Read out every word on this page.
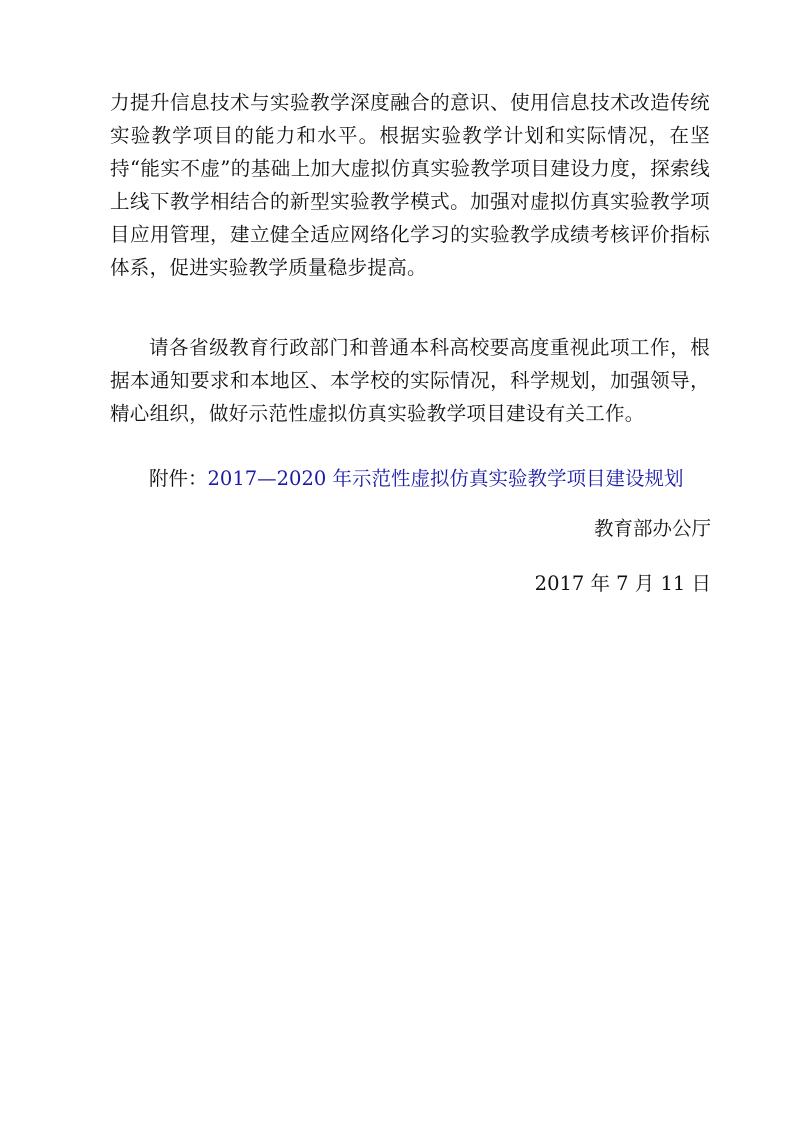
力提升信息技术与实验教学深度融合的意识、使用信息技术改造传统实验教学项目的能力和水平。根据实验教学计划和实际情况，在坚持“能实不虚”的基础上加大虚拟仿真实验教学项目建设力度，探索线上线下教学相结合的新型实验教学模式。加强对虚拟仿真实验教学项目应用管理，建立健全适应网络化学习的实验教学成绩考核评价指标体系，促进实验教学质量稳步提高。

请各省级教育行政部门和普通本科高校要高度重视此项工作，根据本通知要求和本地区、本学校的实际情况，科学规划，加强领导，精心组织，做好示范性虚拟仿真实验教学项目建设有关工作。

附件：2017—2020 年示范性虚拟仿真实验教学项目建设规划
教育部办公厅
2017 年 7 月 11 日
